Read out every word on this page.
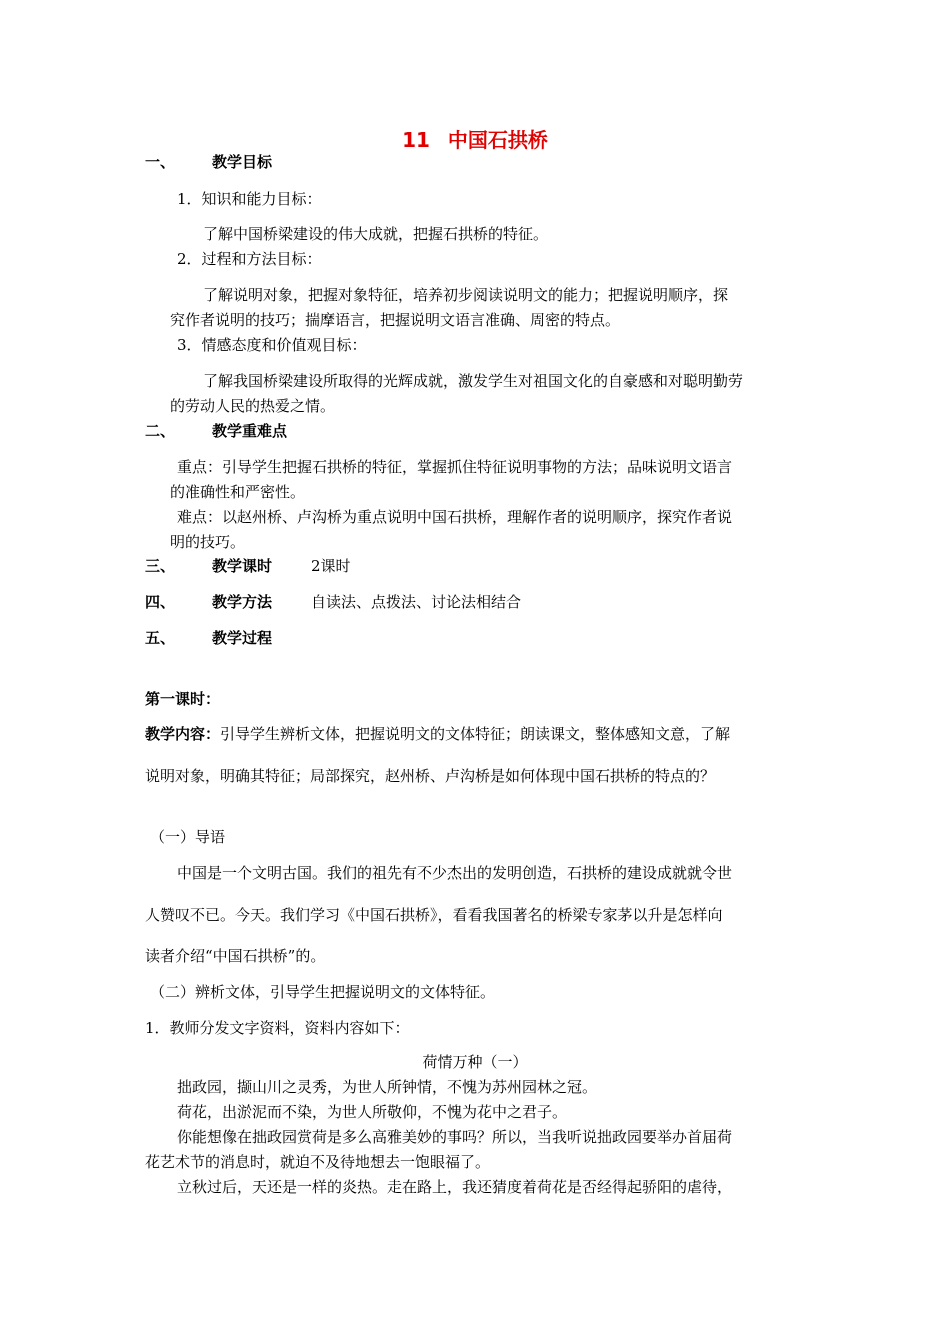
11 中国石拱桥
一、 教学目标
1．知识和能力目标：
了解中国桥梁建设的伟大成就，把握石拱桥的特征。
2．过程和方法目标：
了解说明对象，把握对象特征，培养初步阅读说明文的能力；把握说明顺序，探
究作者说明的技巧；揣摩语言，把握说明文语言准确、周密的特点。
3．情感态度和价值观目标：
了解我国桥梁建设所取得的光辉成就，激发学生对祖国文化的自豪感和对聪明勤劳
的劳动人民的热爱之情。
二、 教学重难点
重点：引导学生把握石拱桥的特征，掌握抓住特征说明事物的方法；品味说明文语言
的准确性和严密性。
难点：以赵州桥、卢沟桥为重点说明中国石拱桥，理解作者的说明顺序，探究作者说
明的技巧。
三、 教学课时	2课时
四、 教学方法	自读法、点拨法、讨论法相结合
五、 教学过程
第一课时：
教学内容：引导学生辨析文体，把握说明文的文体特征；朗读课文，整体感知文意，了解
说明对象，明确其特征；局部探究，赵州桥、卢沟桥是如何体现中国石拱桥的特点的？
（一）导语
中国是一个文明古国。我们的祖先有不少杰出的发明创造，石拱桥的建设成就就令世
人赞叹不已。今天。我们学习《中国石拱桥》，看看我国著名的桥梁专家茅以升是怎样向
读者介绍“中国石拱桥”的。
（二）辨析文体，引导学生把握说明文的文体特征。
1．教师分发文字资料，资料内容如下：
荷情万种（一）
拙政园，撷山川之灵秀，为世人所钟情，不愧为苏州园林之冠。
荷花，出淤泥而不染，为世人所敬仰，不愧为花中之君子。
你能想像在拙政园赏荷是多么高雅美妙的事吗？所以，当我听说拙政园要举办首届荷
花艺术节的消息时，就迫不及待地想去一饱眼福了。
立秋过后，天还是一样的炎热。走在路上，我还猜度着荷花是否经得起骄阳的虐待，
